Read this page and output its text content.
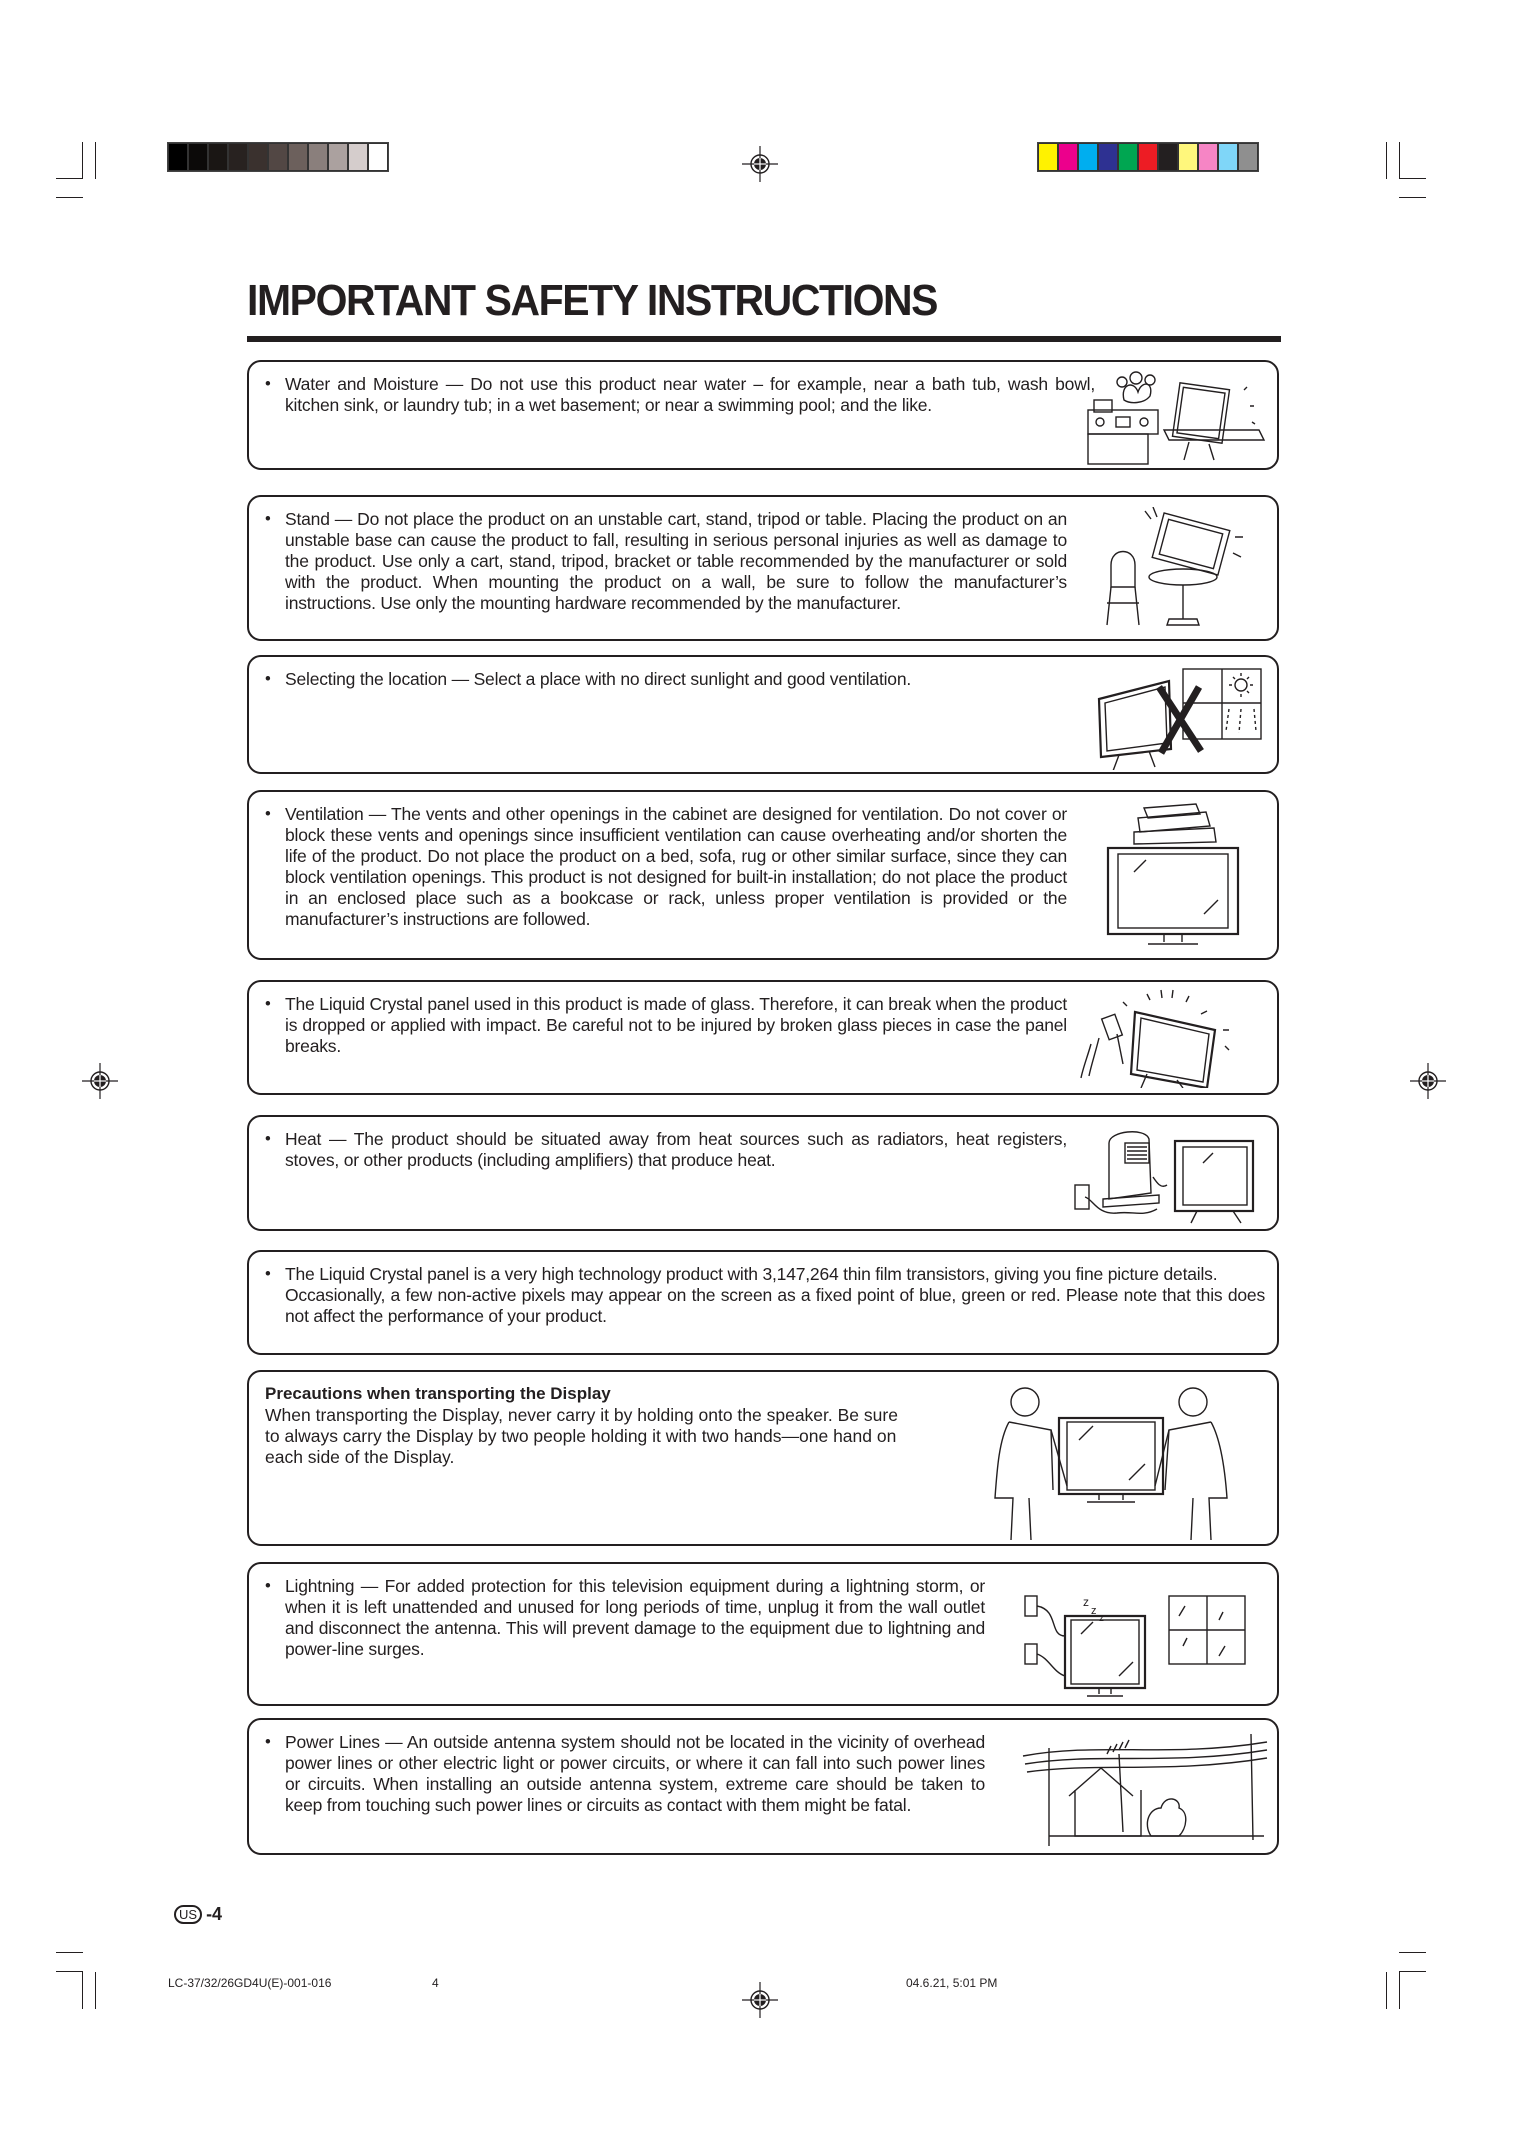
IMPORTANT SAFETY INSTRUCTIONS
• Water and Moisture — Do not use this product near water – for example, near a bath tub, wash bowl, kitchen sink, or laundry tub; in a wet basement; or near a swimming pool; and the like.
• Stand — Do not place the product on an unstable cart, stand, tripod or table. Placing the product on an unstable base can cause the product to fall, resulting in serious personal injuries as well as damage to the product. Use only a cart, stand, tripod, bracket or table recommended by the manufacturer or sold with the product. When mounting the product on a wall, be sure to follow the manufacturer’s instructions. Use only the mounting hardware recommended by the manufacturer.
• Selecting the location — Select a place with no direct sunlight and good ventilation.
• Ventilation — The vents and other openings in the cabinet are designed for ventilation. Do not cover or block these vents and openings since insufficient ventilation can cause overheating and/or shorten the life of the product. Do not place the product on a bed, sofa, rug or other similar surface, since they can block ventilation openings. This product is not designed for built-in installation; do not place the product in an enclosed place such as a bookcase or rack, unless proper ventilation is provided or the manufacturer’s instructions are followed.
• The Liquid Crystal panel used in this product is made of glass. Therefore, it can break when the product is dropped or applied with impact. Be careful not to be injured by broken glass pieces in case the panel breaks.
• Heat — The product should be situated away from heat sources such as radiators, heat registers, stoves, or other products (including amplifiers) that produce heat.
• The Liquid Crystal panel is a very high technology product with 3,147,264 thin film transistors, giving you fine picture details.
Occasionally, a few non-active pixels may appear on the screen as a fixed point of blue, green or red. Please note that this does not affect the performance of your product.
Precautions when transporting the Display
When transporting the Display, never carry it by holding onto the speaker. Be sure to always carry the Display by two people holding it with two hands—one hand on each side of the Display.
• Lightning — For added protection for this television equipment during a lightning storm, or when it is left unattended and unused for long periods of time, unplug it from the wall outlet and disconnect the antenna. This will prevent damage to the equipment due to lightning and power-line surges.
z
z
z
• Power Lines — An outside antenna system should not be located in the vicinity of overhead power lines or other electric light or power circuits, or where it can fall into such power lines or circuits. When installing an outside antenna system, extreme care should be taken to keep from touching such power lines or circuits as contact with them might be fatal.
US -4
LC-37/32/26GD4U(E)-001-016	4	04.6.21, 5:01 PM
